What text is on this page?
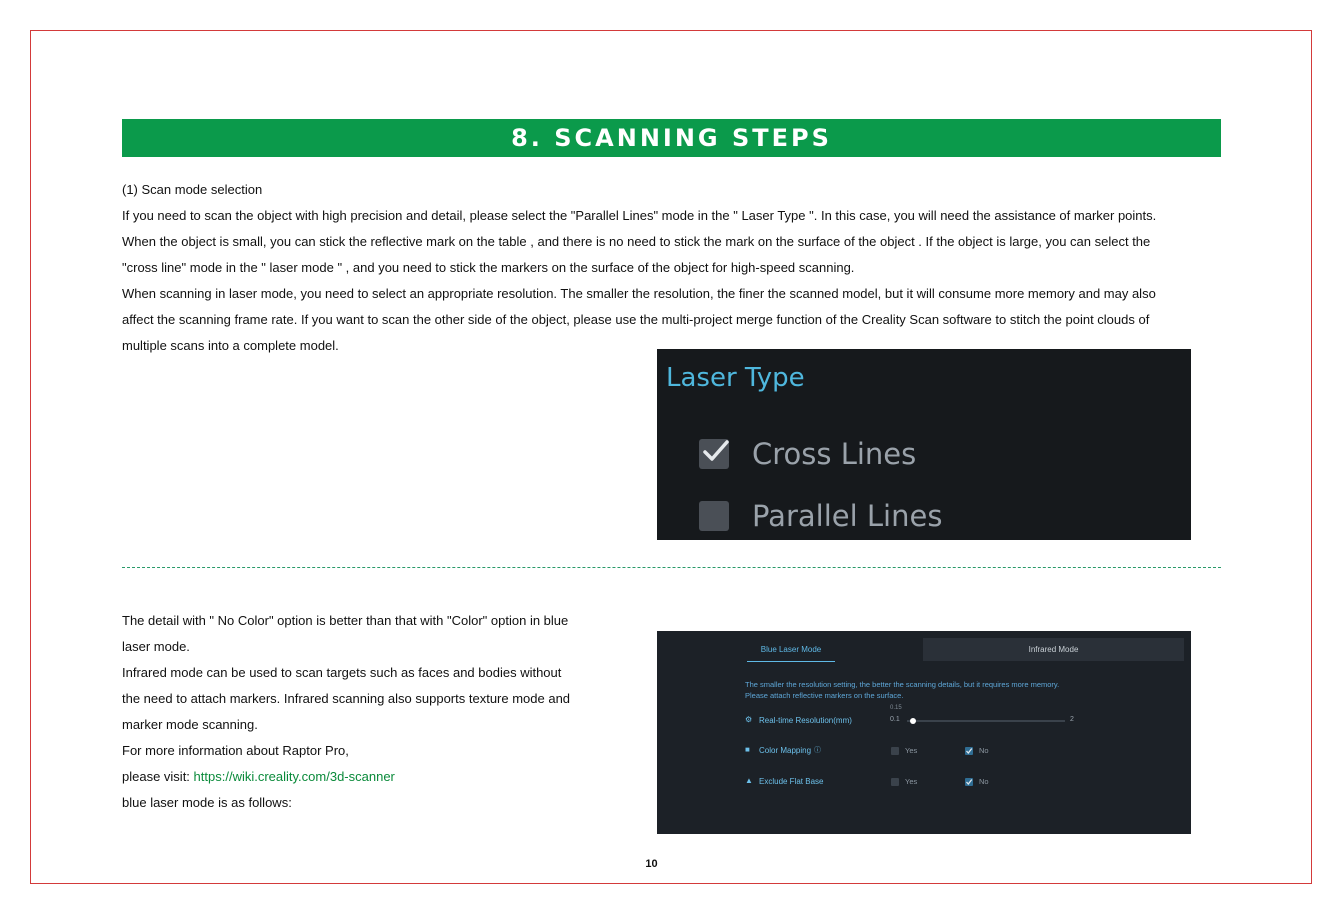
8. SCANNING STEPS

(1) Scan mode selection

If you need to scan the object with high precision and detail, please select the "Parallel Lines" mode in the " Laser Type ". In this case, you will need the assistance of marker points.

When the object is small, you can stick the reflective mark on the table , and there is no need to stick the mark on the surface of the object . If the object is large, you can select the

"cross line" mode in the " laser mode " , and you need to stick the markers on the surface of the object for high-speed scanning.

When scanning in laser mode, you need to select an appropriate resolution. The smaller the resolution, the finer the scanned model, but it will consume more memory and may also

affect the scanning frame rate. If you want to scan the other side of the object, please use the multi-project merge function of the Creality Scan software to stitch the point clouds of

multiple scans into a complete model.

Laser Type
Cross Lines
Parallel Lines

The detail with " No Color" option is better than that with "Color" option in blue

laser mode.

Infrared mode can be used to scan targets such as faces and bodies without

the need to attach markers. Infrared scanning also supports texture mode and

marker mode scanning.

For more information about Raptor Pro,

please visit: https://wiki.creality.com/3d-scanner

blue laser mode is as follows:

Blue Laser Mode	Infrared Mode
The smaller the resolution setting, the better the scanning details, but it requires more memory.
Please attach reflective markers on the surface.
⚙ Real-time Resolution(mm)
0.15
0.1	2
■	Color Mapping ⓘ	Yes	No
▲ Exclude Flat Base	Yes	No
10
